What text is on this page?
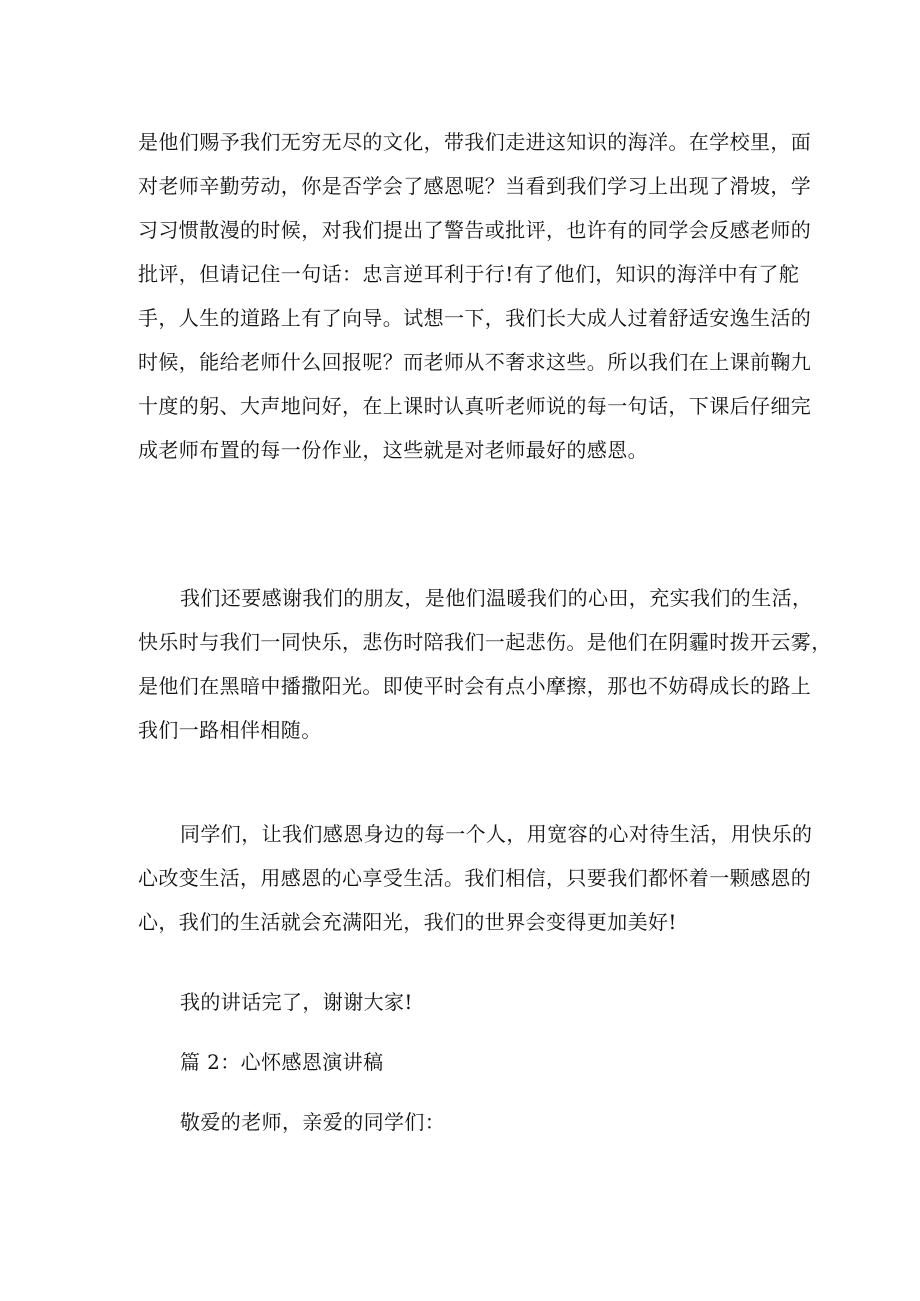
是他们赐予我们无穷无尽的文化，带我们走进这知识的海洋。在学校里，面
对老师辛勤劳动，你是否学会了感恩呢？当看到我们学习上出现了滑坡，学
习习惯散漫的时候，对我们提出了警告或批评，也许有的同学会反感老师的
批评，但请记住一句话：忠言逆耳利于行!有了他们，知识的海洋中有了舵
手，人生的道路上有了向导。试想一下，我们长大成人过着舒适安逸生活的
时候，能给老师什么回报呢？而老师从不奢求这些。所以我们在上课前鞠九
十度的躬、大声地问好，在上课时认真听老师说的每一句话，下课后仔细完
成老师布置的每一份作业，这些就是对老师最好的感恩。
我们还要感谢我们的朋友，是他们温暖我们的心田，充实我们的生活，
快乐时与我们一同快乐，悲伤时陪我们一起悲伤。是他们在阴霾时拨开云雾，
是他们在黑暗中播撒阳光。即使平时会有点小摩擦，那也不妨碍成长的路上
我们一路相伴相随。
同学们，让我们感恩身边的每一个人，用宽容的心对待生活，用快乐的
心改变生活，用感恩的心享受生活。我们相信，只要我们都怀着一颗感恩的
心，我们的生活就会充满阳光，我们的世界会变得更加美好!
我的讲话完了，谢谢大家!
篇 2：心怀感恩演讲稿
敬爱的老师，亲爱的同学们：
